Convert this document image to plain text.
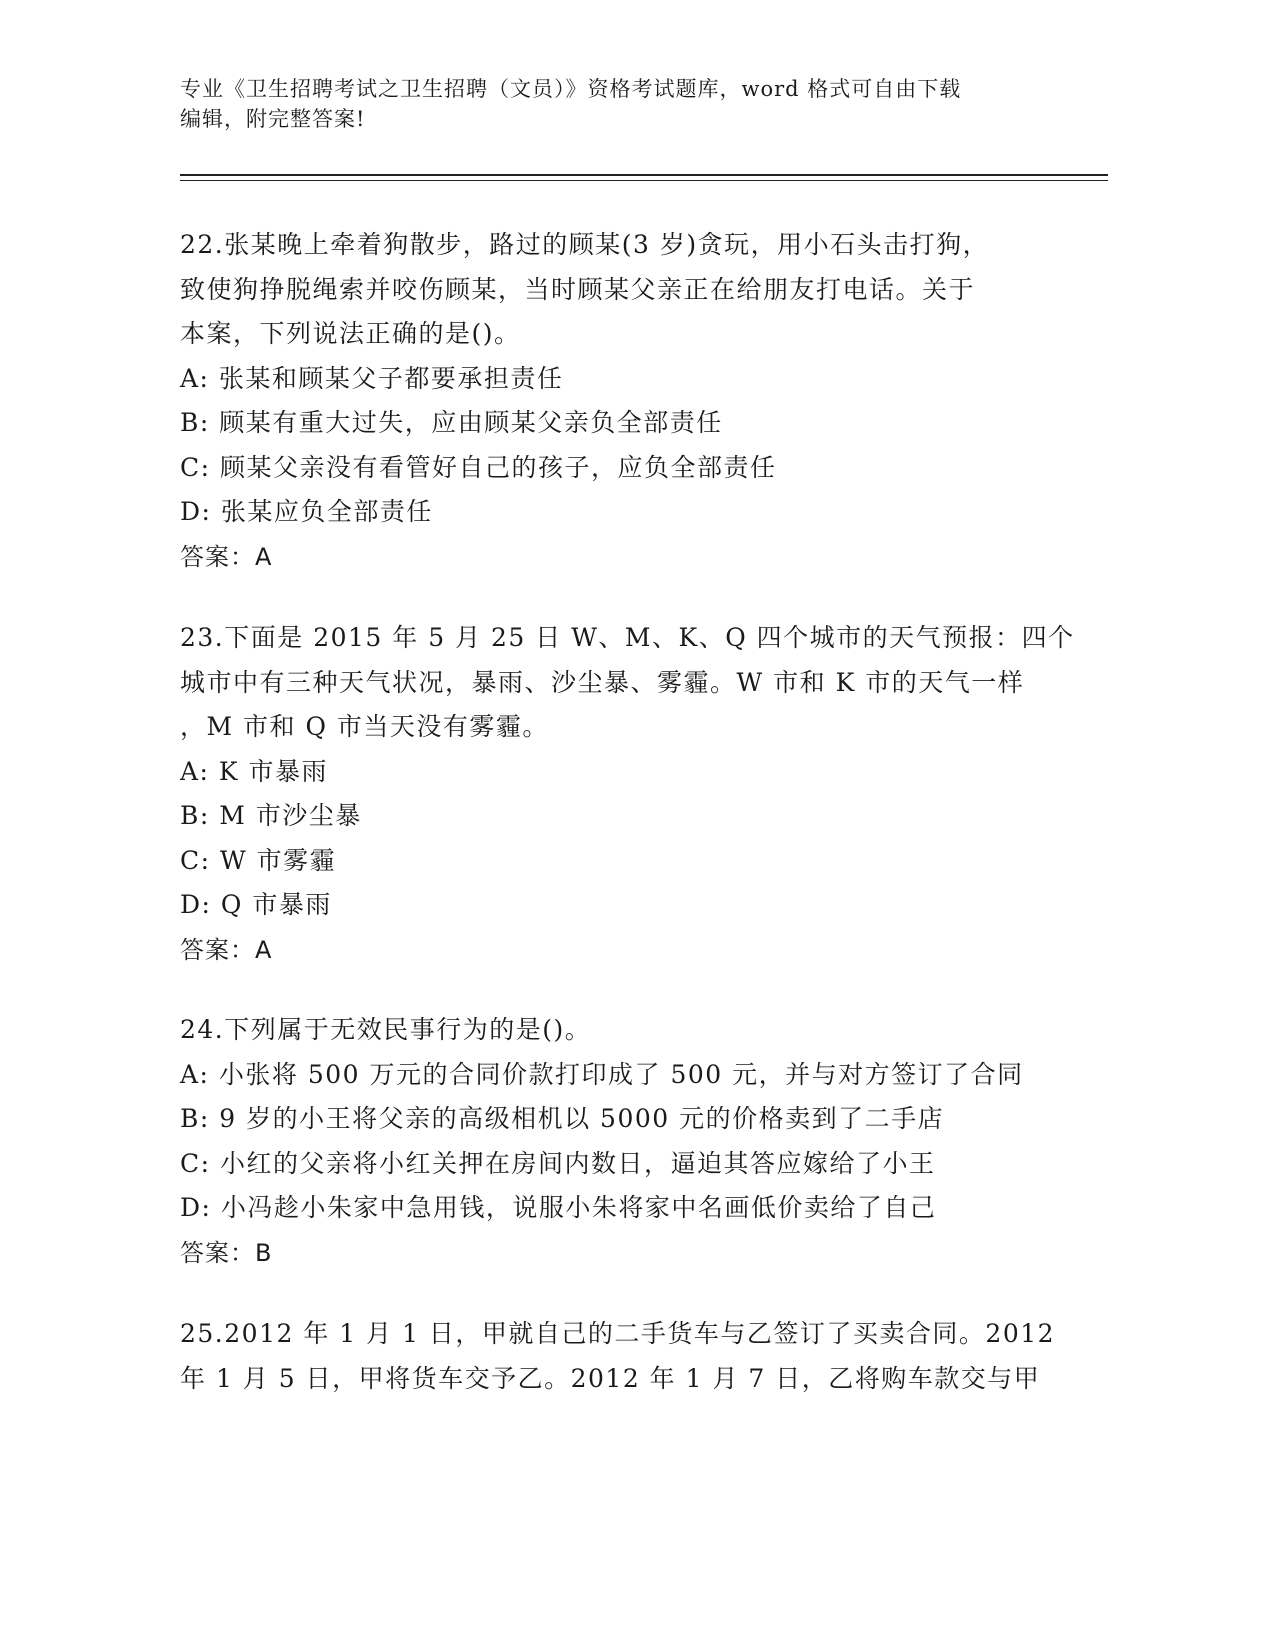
专业《卫生招聘考试之卫生招聘（文员）》资格考试题库，word 格式可自由下载
编辑，附完整答案!
22.张某晚上牵着狗散步，路过的顾某(3 岁)贪玩，用小石头击打狗，
致使狗挣脱绳索并咬伤顾某，当时顾某父亲正在给朋友打电话。关于
本案，下列说法正确的是()。
A: 张某和顾某父子都要承担责任
B: 顾某有重大过失，应由顾某父亲负全部责任
C: 顾某父亲没有看管好自己的孩子，应负全部责任
D: 张某应负全部责任
答案：A
23.下面是 2015 年 5 月 25 日 W、M、K、Q 四个城市的天气预报：四个
城市中有三种天气状况，暴雨、沙尘暴、雾霾。W 市和 K 市的天气一样
，M 市和 Q 市当天没有雾霾。
A: K 市暴雨
B: M 市沙尘暴
C: W 市雾霾
D: Q 市暴雨
答案：A
24.下列属于无效民事行为的是()。
A: 小张将 500 万元的合同价款打印成了 500 元，并与对方签订了合同
B: 9 岁的小王将父亲的高级相机以 5000 元的价格卖到了二手店
C: 小红的父亲将小红关押在房间内数日，逼迫其答应嫁给了小王
D: 小冯趁小朱家中急用钱，说服小朱将家中名画低价卖给了自己
答案：B
25.2012 年 1 月 1 日，甲就自己的二手货车与乙签订了买卖合同。2012
年 1 月 5 日，甲将货车交予乙。2012 年 1 月 7 日，乙将购车款交与甲
